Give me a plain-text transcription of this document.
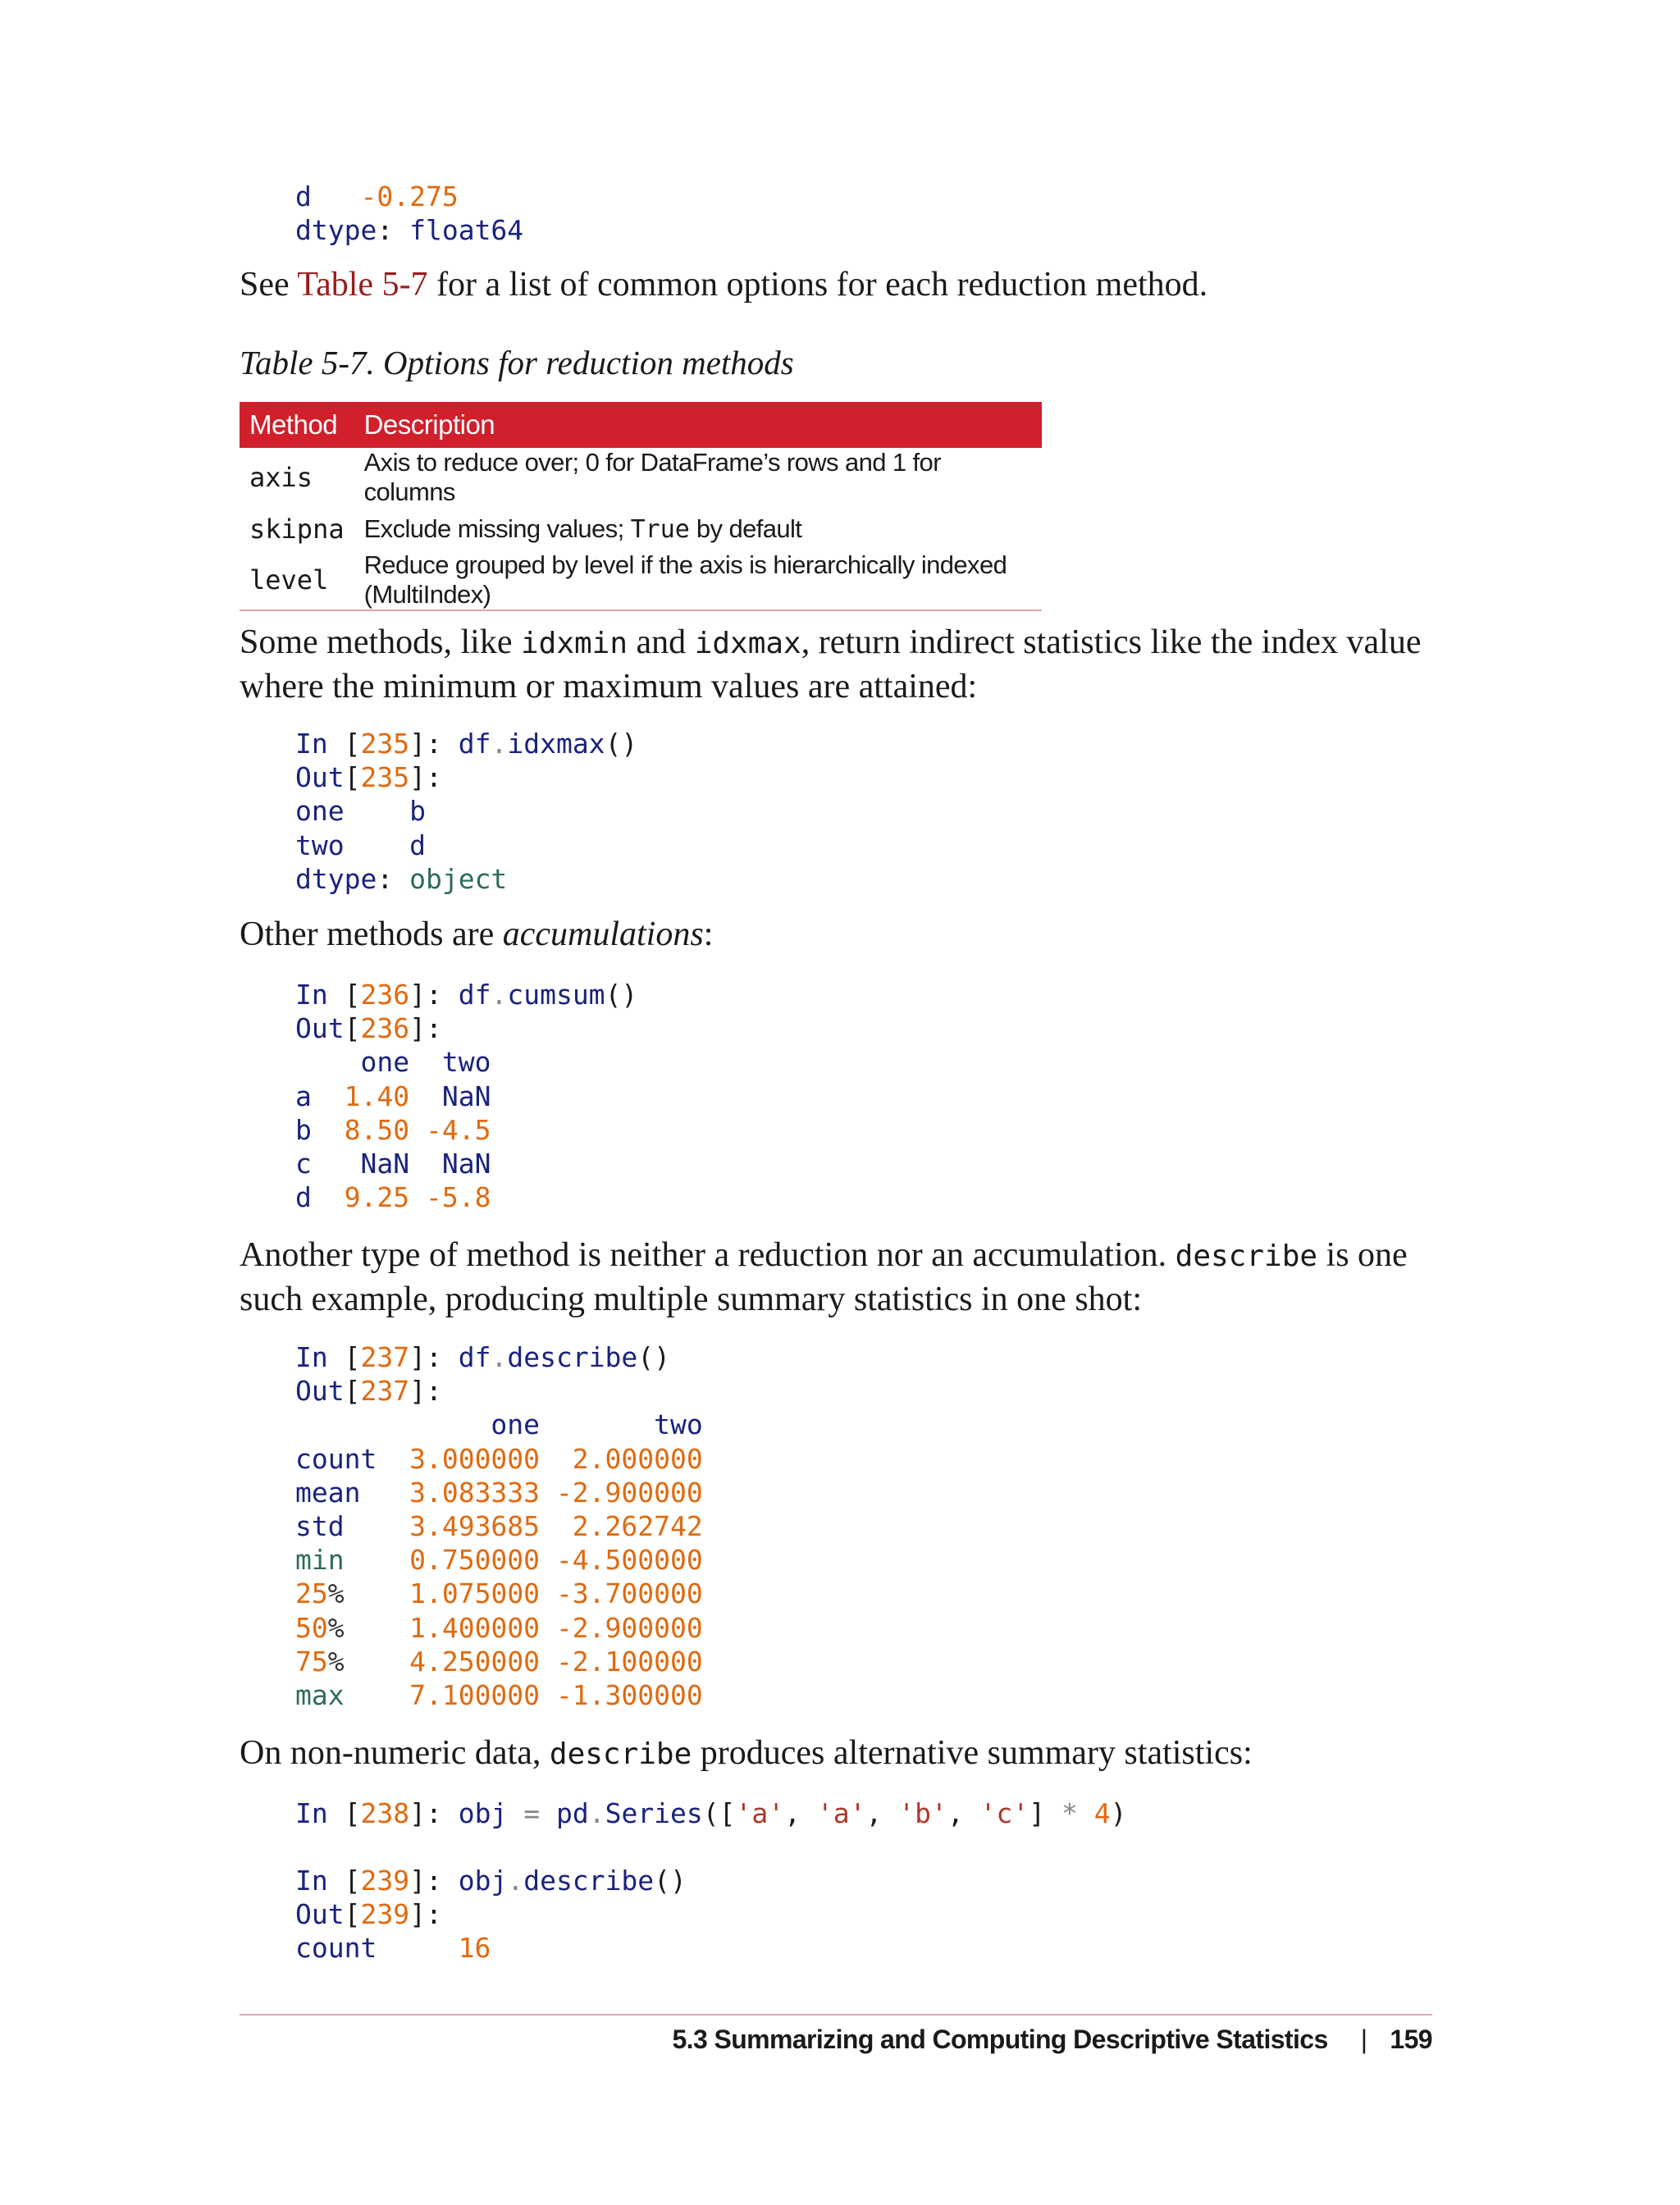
d -0.275
dtype: float64

See Table 5-7 for a list of common options for each reduction method.

Table 5-7. Options for reduction methods

Method	Description
axis	Axis to reduce over; 0 for DataFrame’s rows and 1 for columns
skipna	Exclude missing values; True by default
level	Reduce grouped by level if the axis is hierarchically indexed (MultiIndex)

Some methods, like idxmin and idxmax, return indirect statistics like the index value where the minimum or maximum values are attained:

In [235]: df.idxmax()
Out[235]:
one b
two d
dtype: object

Other methods are accumulations:

In [236]: df.cumsum()
Out[236]:
one two
a 1.40 NaN
b 8.50 -4.5
c NaN NaN
d 9.25 -5.8

Another type of method is neither a reduction nor an accumulation. describe is one such example, producing multiple summary statistics in one shot:

In [237]: df.describe()
Out[237]:
one	two
count 3.000000 2.000000
mean 3.083333 -2.900000
std 3.493685 2.262742
min 0.750000 -4.500000
25% 1.075000 -3.700000
50% 1.400000 -2.900000
75% 4.250000 -2.100000
max 7.100000 -1.300000

On non-numeric data, describe produces alternative summary statistics:

In [238]: obj = pd.Series(['a', 'a', 'b', 'c'] * 4)
In [239]: obj.describe()
Out[239]:
count	16
5.3 Summarizing and Computing Descriptive Statistics | 159
